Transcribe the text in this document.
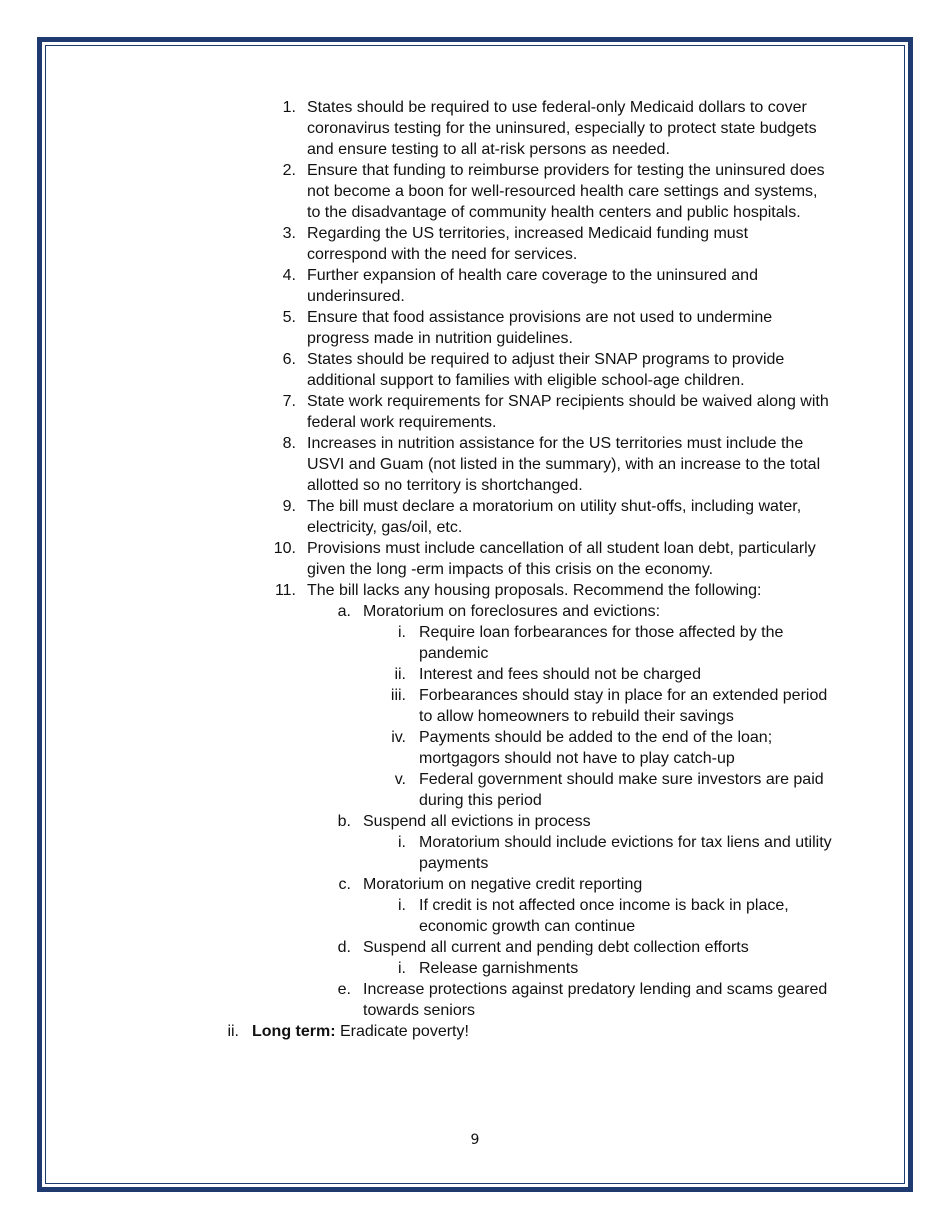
1. States should be required to use federal-only Medicaid dollars to cover
coronavirus testing for the uninsured, especially to protect state budgets
and ensure testing to all at-risk persons as needed.
2. Ensure that funding to reimburse providers for testing the uninsured does
not become a boon for well-resourced health care settings and systems,
to the disadvantage of community health centers and public hospitals.
3. Regarding the US territories, increased Medicaid funding must
correspond with the need for services.
4. Further expansion of health care coverage to the uninsured and
underinsured.
5. Ensure that food assistance provisions are not used to undermine
progress made in nutrition guidelines.
6. States should be required to adjust their SNAP programs to provide
additional support to families with eligible school-age children.
7. State work requirements for SNAP recipients should be waived along with
federal work requirements.
8. Increases in nutrition assistance for the US territories must include the
USVI and Guam (not listed in the summary), with an increase to the total
allotted so no territory is shortchanged.
9. The bill must declare a moratorium on utility shut-offs, including water,
electricity, gas/oil, etc.
10. Provisions must include cancellation of all student loan debt, particularly
given the long -erm impacts of this crisis on the economy.
11. The bill lacks any housing proposals. Recommend the following:
a. Moratorium on foreclosures and evictions:
i. Require loan forbearances for those affected by the
pandemic
ii. Interest and fees should not be charged
iii. Forbearances should stay in place for an extended period
to allow homeowners to rebuild their savings
iv. Payments should be added to the end of the loan;
mortgagors should not have to play catch-up
v. Federal government should make sure investors are paid
during this period
b. Suspend all evictions in process
i. Moratorium should include evictions for tax liens and utility
payments
c. Moratorium on negative credit reporting
i. If credit is not affected once income is back in place,
economic growth can continue
d. Suspend all current and pending debt collection efforts
i. Release garnishments
e. Increase protections against predatory lending and scams geared
towards seniors
ii. Long term: Eradicate poverty!
9
